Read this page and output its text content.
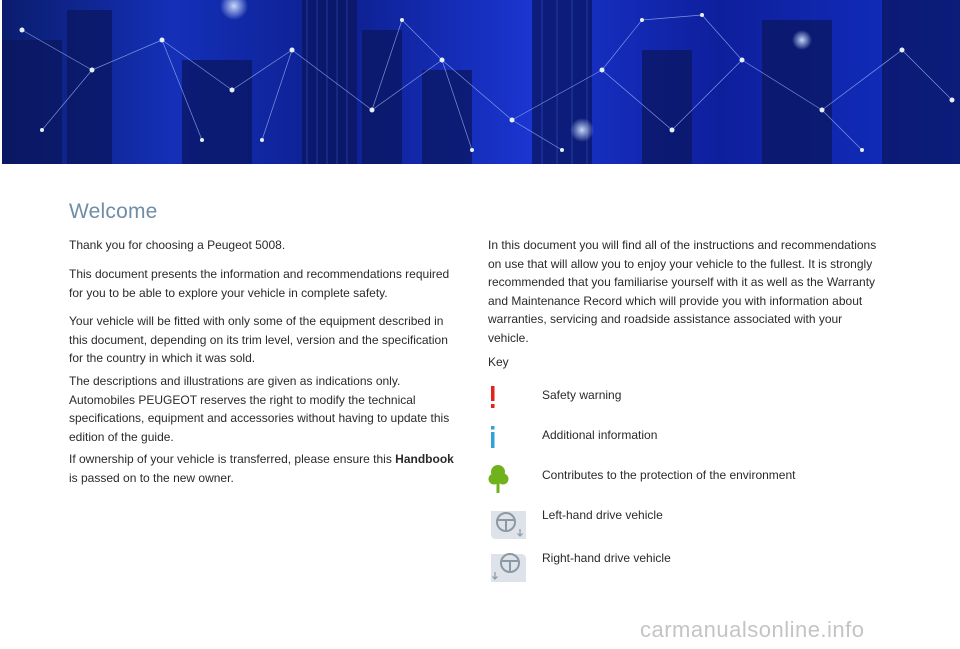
Welcome

Thank you for choosing a Peugeot 5008.

This document presents the information and recommendations required for you to be able to explore your vehicle in complete safety.

Your vehicle will be fitted with only some of the equipment described in this document, depending on its trim level, version and the specification for the country in which it was sold.

The descriptions and illustrations are given as indications only. Automobiles PEUGEOT reserves the right to modify the technical specifications, equipment and accessories without having to update this edition of the guide.

If ownership of your vehicle is transferred, please ensure this Handbook is passed on to the new owner.

In this document you will find all of the instructions and recommendations on use that will allow you to enjoy your vehicle to the fullest. It is strongly recommended that you familiarise yourself with it as well as the Warranty and Maintenance Record which will provide you with information about warranties, servicing and roadside assistance associated with your vehicle.

Key

Safety warning
Additional information
Contributes to the protection of the environment
Left-hand drive vehicle
Right-hand drive vehicle
carmanualsonline.info
